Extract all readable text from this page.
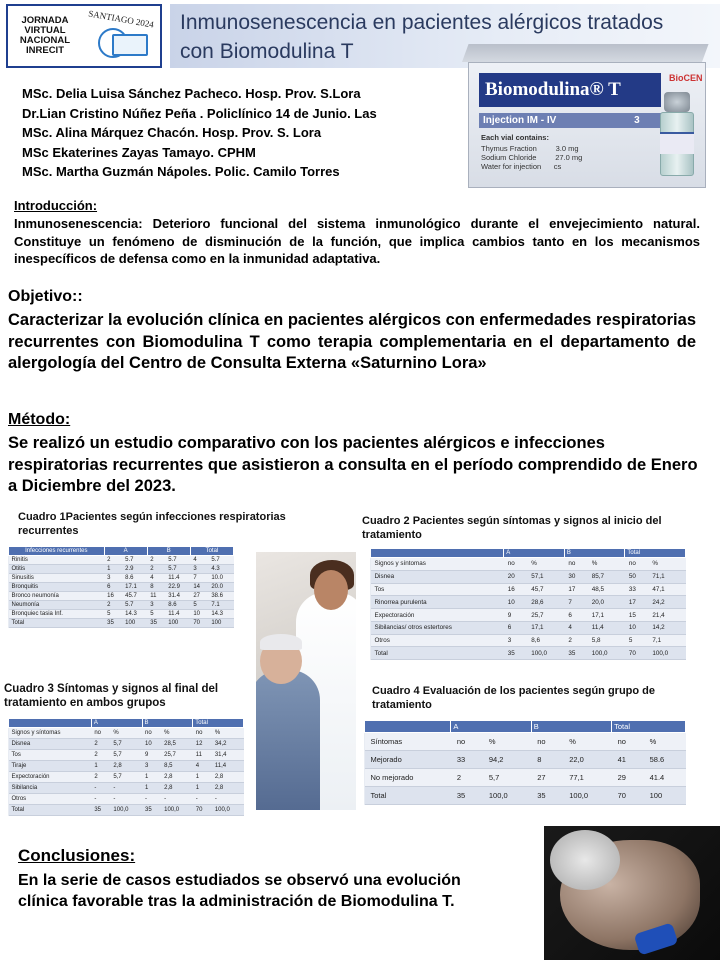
JORNADA
VIRTUAL
NACIONAL
INRECIT
SANTIAGO 2024 Inmunosenescencia en pacientes alérgicos tratados
con Biomodulina T
Biomodulina® T
BioCEN
Injection IM - IV	3
Each vial contains:
Thymus Fraction	3.0 mg
Sodium Chloride	27.0 mg
Water for injection cs
MSc. Delia Luisa Sánchez Pacheco. Hosp. Prov. S.Lora
Dr.Lian Cristino Núñez Peña . Policlínico 14 de Junio. Las
MSc. Alina Márquez Chacón. Hosp. Prov. S. Lora
MSc Ekaterines Zayas Tamayo. CPHM
MSc. Martha Guzmán Nápoles. Polic. Camilo Torres
Introducción:
Inmunosenescencia: Deterioro funcional del sistema inmunológico durante el envejecimiento natural. Constituye un fenómeno de disminución de la función, que implica cambios tanto en los mecanismos inespecíficos de defensa como en la inmunidad adaptativa.
Objetivo::
Caracterizar la evolución clínica en pacientes alérgicos con enfermedades respiratorias recurrentes con Biomodulina T como terapia complementaria en el departamento de alergología del Centro de Consulta Externa «Saturnino Lora»
Método:
Se realizó un estudio comparativo con los pacientes alérgicos e infecciones respiratorias recurrentes que asistieron a consulta en el período comprendido de Enero a Diciembre del 2023.
Cuadro 1Pacientes según infecciones respiratorias recurrentes
Infecciones recurrentes	A		B		Total	
Rinitis	2	5.7	2	5.7	4	5.7
Otitis	1	2.9	2	5.7	3	4.3
Sinusitis	3	8.6	4	11.4	7	10.0
Bronquitis	6	17.1	8	22.9	14	20.0
Bronco neumonía	16	45.7	11	31.4	27	38.6
Neumonía	2	5.7	3	8.6	5	7.1
Bronquiec tasia Inf.	5	14.3	5	11.4	10	14.3
Total	35	100	35	100	70	100
Cuadro 2 Pacientes según síntomas y signos al inicio del tratamiento
	A		B		Total	
Signos y síntomas	no	%	no	%	no	%
Disnea	20	57,1	30	85,7	50	71,1
Tos	16	45,7	17	48,5	33	47,1
Rinorrea purulenta	10	28,6	7	20,0	17	24,2
Expectoración	9	25,7	6	17,1	15	21,4
Sibilancias/ otros estertores	6	17,1	4	11,4	10	14,2
Otros	3	8,6	2	5,8	5	7,1
Total	35	100,0	35	100,0	70	100,0
Cuadro 3 Síntomas y signos al final del tratamiento en ambos grupos
	A		B		Total	
Signos y síntomas	no	%	no	%	no	%
Disnea	2	5,7	10	28,5	12	34,2
Tos	2	5,7	9	25,7	11	31,4
Tiraje	1	2,8	3	8,5	4	11,4
Expectoración	2	5,7	1	2,8	1	2,8
Sibilancia	-	-	1	2,8	1	2,8
Otros	-	-	-	-	-	-
Total	35	100,0	35	100,0	70	100,0
Cuadro 4 Evaluación de los pacientes según grupo de tratamiento
	A		B		Total	
Síntomas	no	%	no	%	no	%
Mejorado	33	94,2	8	22,0	41	58.6
No mejorado	2	5,7	27	77,1	29	41.4
Total	35	100,0	35	100,0	70	100
Conclusiones:
En la serie de casos estudiados se observó una evolución
clínica favorable tras la administración de Biomodulina T.
